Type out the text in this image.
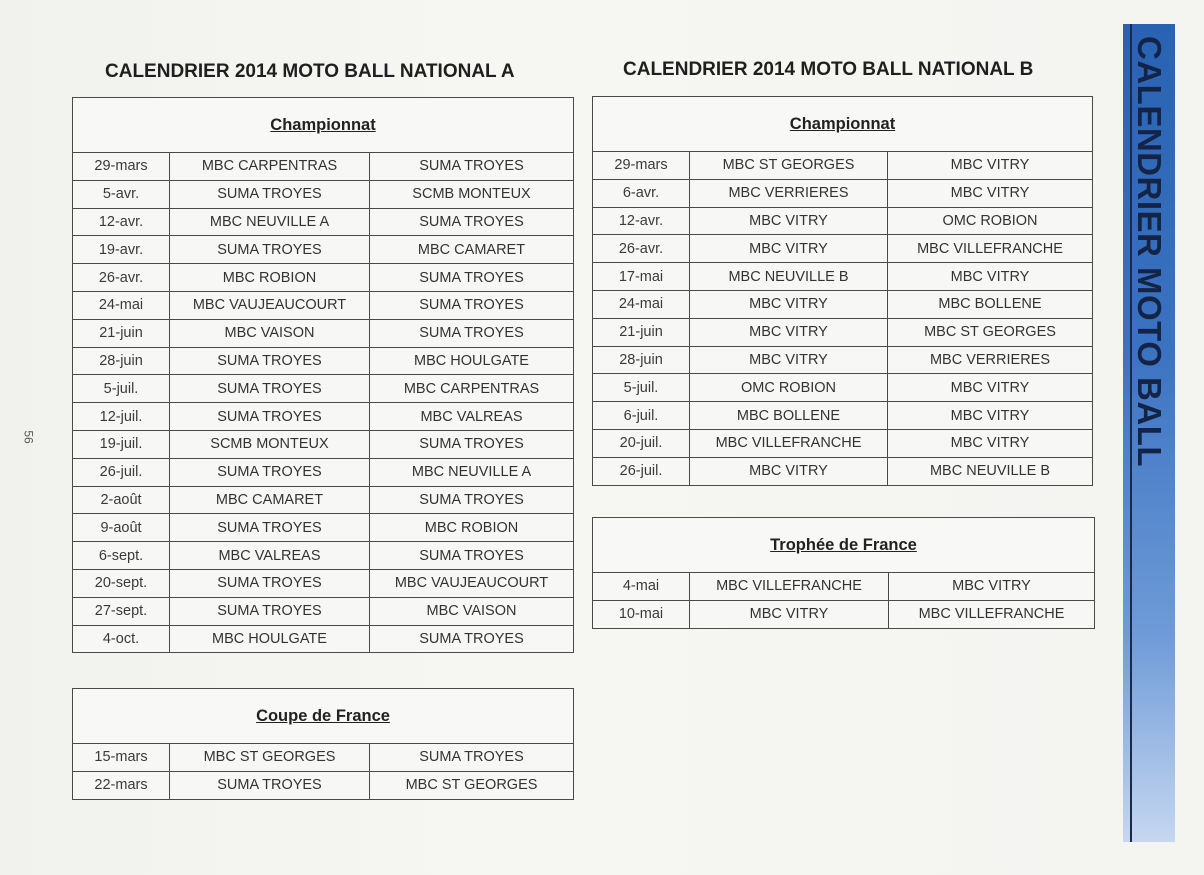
56
CALENDRIER 2014 MOTO BALL NATIONAL A
Championnat		
29-mars	MBC CARPENTRAS	SUMA TROYES
5-avr.	SUMA TROYES	SCMB MONTEUX
12-avr.	MBC NEUVILLE A	SUMA TROYES
19-avr.	SUMA TROYES	MBC CAMARET
26-avr.	MBC ROBION	SUMA TROYES
24-mai	MBC VAUJEAUCOURT	SUMA TROYES
21-juin	MBC VAISON	SUMA TROYES
28-juin	SUMA TROYES	MBC HOULGATE
5-juil.	SUMA TROYES	MBC CARPENTRAS
12-juil.	SUMA TROYES	MBC VALREAS
19-juil.	SCMB MONTEUX	SUMA TROYES
26-juil.	SUMA TROYES	MBC NEUVILLE A
2-août	MBC CAMARET	SUMA TROYES
9-août	SUMA TROYES	MBC ROBION
6-sept.	MBC VALREAS	SUMA TROYES
20-sept.	SUMA TROYES	MBC VAUJEAUCOURT
27-sept.	SUMA TROYES	MBC VAISON
4-oct.	MBC HOULGATE	SUMA TROYES
Coupe de France		
15-mars	MBC ST GEORGES	SUMA TROYES
22-mars	SUMA TROYES	MBC ST GEORGES
CALENDRIER 2014 MOTO BALL NATIONAL B
Championnat		
29-mars	MBC ST GEORGES	MBC VITRY
6-avr.	MBC VERRIERES	MBC VITRY
12-avr.	MBC VITRY	OMC ROBION
26-avr.	MBC VITRY	MBC VILLEFRANCHE
17-mai	MBC NEUVILLE B	MBC VITRY
24-mai	MBC VITRY	MBC BOLLENE
21-juin	MBC VITRY	MBC ST GEORGES
28-juin	MBC VITRY	MBC VERRIERES
5-juil.	OMC ROBION	MBC VITRY
6-juil.	MBC BOLLENE	MBC VITRY
20-juil.	MBC VILLEFRANCHE	MBC VITRY
26-juil.	MBC VITRY	MBC NEUVILLE B
Trophée de France		
4-mai	MBC VILLEFRANCHE	MBC VITRY
10-mai	MBC VITRY	MBC VILLEFRANCHE
CALENDRIER MOTO BALL
